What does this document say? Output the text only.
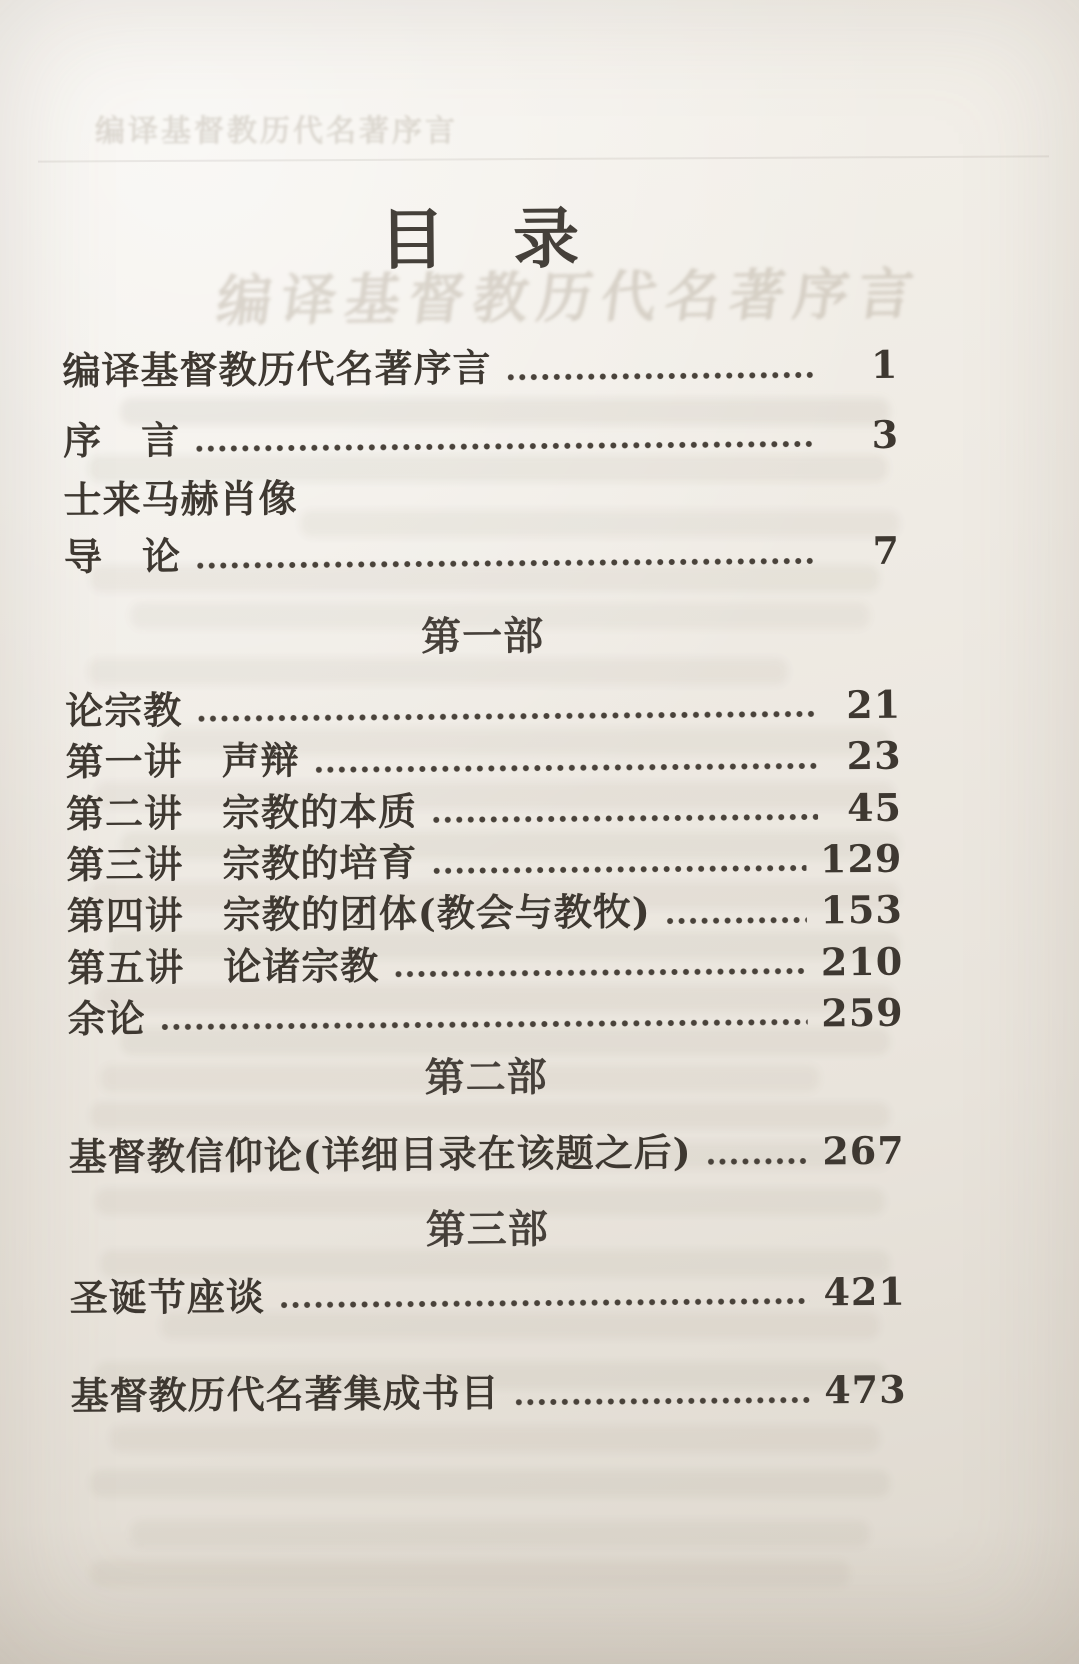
编译基督教历代名著序言
编译基督教历代名著序言
目　录
编译基督教历代名著序言	1
序　言	3
士来马赫肖像
导　论	7
第一部
论宗教	21
第一讲　声辩	23
第二讲　宗教的本质	45
第三讲　宗教的培育	129
第四讲　宗教的团体(教会与教牧)	153
第五讲　论诸宗教	210
余论	259
第二部
基督教信仰论(详细目录在该题之后)	267
第三部
圣诞节座谈	421
基督教历代名著集成书目	473
